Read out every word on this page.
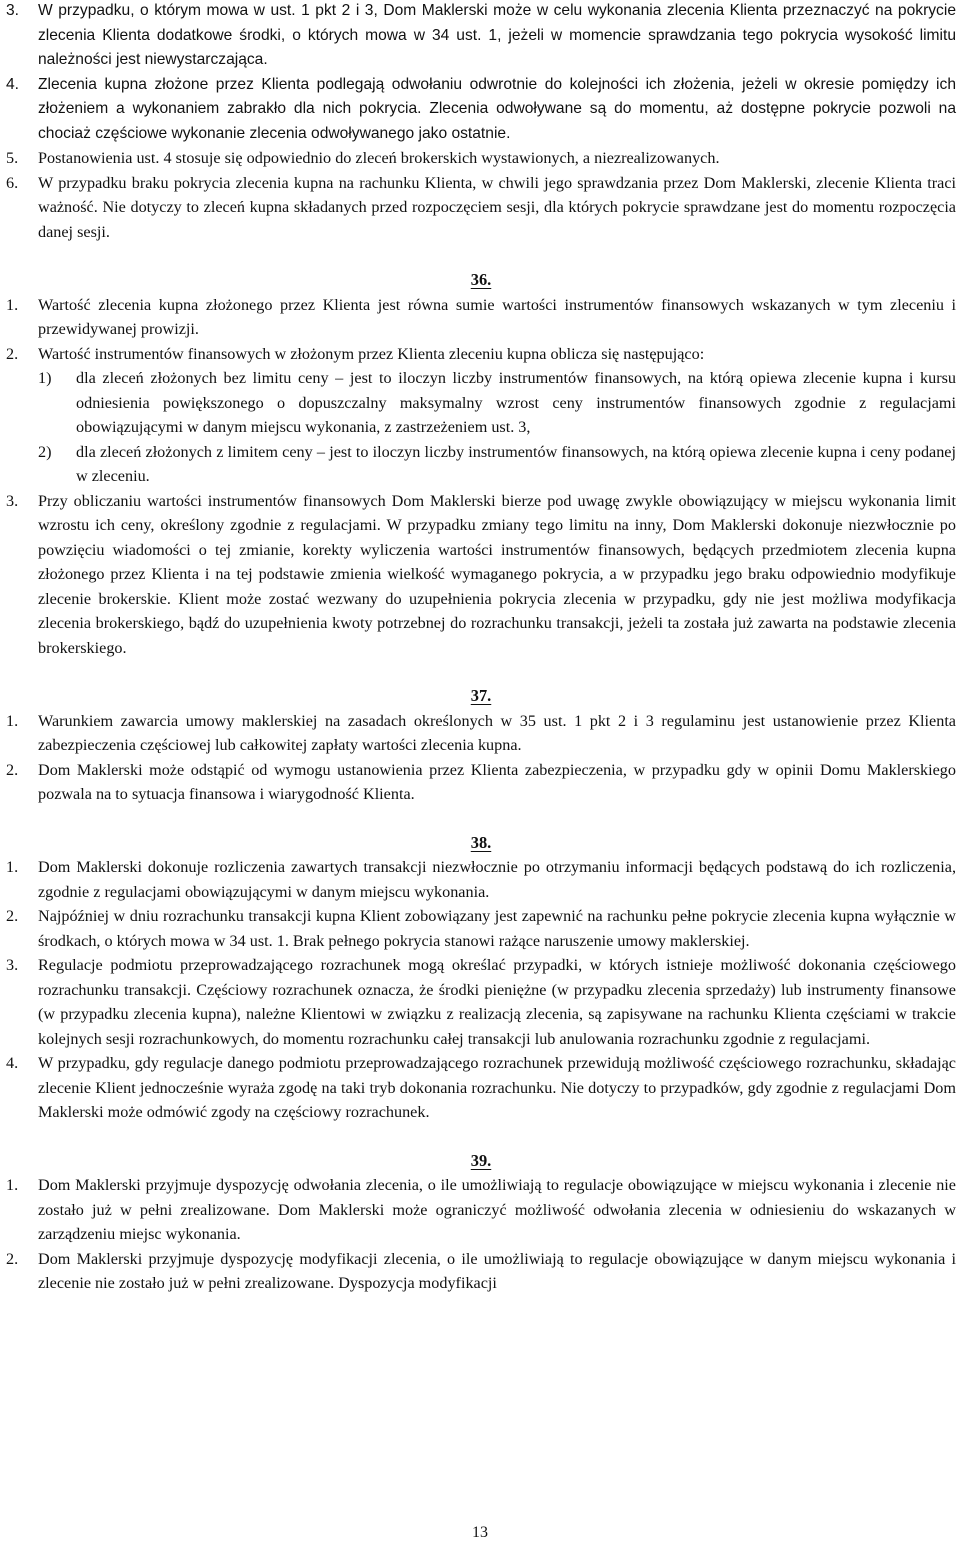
3. W przypadku, o którym mowa w ust. 1 pkt 2 i 3, Dom Maklerski może w celu wykonania zlecenia Klienta przeznaczyć na pokrycie zlecenia Klienta dodatkowe środki, o których mowa w 34 ust. 1, jeżeli w momencie sprawdzania tego pokrycia wysokość limitu należności jest niewystarczająca.
4. Zlecenia kupna złożone przez Klienta podlegają odwołaniu odwrotnie do kolejności ich złożenia, jeżeli w okresie pomiędzy ich złożeniem a wykonaniem zabrakło dla nich pokrycia. Zlecenia odwoływane są do momentu, aż dostępne pokrycie pozwoli na chociaż częściowe wykonanie zlecenia odwoływanego jako ostatnie.
5. Postanowienia ust. 4 stosuje się odpowiednio do zleceń brokerskich wystawionych, a niezrealizowanych.
6. W przypadku braku pokrycia zlecenia kupna na rachunku Klienta, w chwili jego sprawdzania przez Dom Maklerski, zlecenie Klienta traci ważność. Nie dotyczy to zleceń kupna składanych przed rozpoczęciem sesji, dla których pokrycie sprawdzane jest do momentu rozpoczęcia danej sesji.
36.
1. Wartość zlecenia kupna złożonego przez Klienta jest równa sumie wartości instrumentów finansowych wskazanych w tym zleceniu i przewidywanej prowizji.
2. Wartość instrumentów finansowych w złożonym przez Klienta zleceniu kupna oblicza się następująco:
1) dla zleceń złożonych bez limitu ceny – jest to iloczyn liczby instrumentów finansowych, na którą opiewa zlecenie kupna i kursu odniesienia powiększonego o dopuszczalny maksymalny wzrost ceny instrumentów finansowych zgodnie z regulacjami obowiązującymi w danym miejscu wykonania, z zastrzeżeniem ust. 3,
2) dla zleceń złożonych z limitem ceny – jest to iloczyn liczby instrumentów finansowych, na którą opiewa zlecenie kupna i ceny podanej w zleceniu.
3. Przy obliczaniu wartości instrumentów finansowych Dom Maklerski bierze pod uwagę zwykle obowiązujący w miejscu wykonania limit wzrostu ich ceny, określony zgodnie z regulacjami. W przypadku zmiany tego limitu na inny, Dom Maklerski dokonuje niezwłocznie po powzięciu wiadomości o tej zmianie, korekty wyliczenia wartości instrumentów finansowych, będących przedmiotem zlecenia kupna złożonego przez Klienta i na tej podstawie zmienia wielkość wymaganego pokrycia, a w przypadku jego braku odpowiednio modyfikuje zlecenie brokerskie. Klient może zostać wezwany do uzupełnienia pokrycia zlecenia w przypadku, gdy nie jest możliwa modyfikacja zlecenia brokerskiego, bądź do uzupełnienia kwoty potrzebnej do rozrachunku transakcji, jeżeli ta została już zawarta na podstawie zlecenia brokerskiego.
37.
1. Warunkiem zawarcia umowy maklerskiej na zasadach określonych w 35 ust. 1 pkt 2 i 3 regulaminu jest ustanowienie przez Klienta zabezpieczenia częściowej lub całkowitej zapłaty wartości zlecenia kupna.
2. Dom Maklerski może odstąpić od wymogu ustanowienia przez Klienta zabezpieczenia, w przypadku gdy w opinii Domu Maklerskiego pozwala na to sytuacja finansowa i wiarygodność Klienta.
38.
1. Dom Maklerski dokonuje rozliczenia zawartych transakcji niezwłocznie po otrzymaniu informacji będących podstawą do ich rozliczenia, zgodnie z regulacjami obowiązującymi w danym miejscu wykonania.
2. Najpóźniej w dniu rozrachunku transakcji kupna Klient zobowiązany jest zapewnić na rachunku pełne pokrycie zlecenia kupna wyłącznie w środkach, o których mowa w 34 ust. 1. Brak pełnego pokrycia stanowi rażące naruszenie umowy maklerskiej.
3. Regulacje podmiotu przeprowadzającego rozrachunek mogą określać przypadki, w których istnieje możliwość dokonania częściowego rozrachunku transakcji. Częściowy rozrachunek oznacza, że środki pieniężne (w przypadku zlecenia sprzedaży) lub instrumenty finansowe (w przypadku zlecenia kupna), należne Klientowi w związku z realizacją zlecenia, są zapisywane na rachunku Klienta częściami w trakcie kolejnych sesji rozrachunkowych, do momentu rozrachunku całej transakcji lub anulowania rozrachunku zgodnie z regulacjami.
4. W przypadku, gdy regulacje danego podmiotu przeprowadzającego rozrachunek przewidują możliwość częściowego rozrachunku, składając zlecenie Klient jednocześnie wyraża zgodę na taki tryb dokonania rozrachunku. Nie dotyczy to przypadków, gdy zgodnie z regulacjami Dom Maklerski może odmówić zgody na częściowy rozrachunek.
39.
1. Dom Maklerski przyjmuje dyspozycję odwołania zlecenia, o ile umożliwiają to regulacje obowiązujące w miejscu wykonania i zlecenie nie zostało już w pełni zrealizowane. Dom Maklerski może ograniczyć możliwość odwołania zlecenia w odniesieniu do wskazanych w zarządzeniu miejsc wykonania.
2. Dom Maklerski przyjmuje dyspozycję modyfikacji zlecenia, o ile umożliwiają to regulacje obowiązujące w danym miejscu wykonania i zlecenie nie zostało już w pełni zrealizowane. Dyspozycja modyfikacji
13
